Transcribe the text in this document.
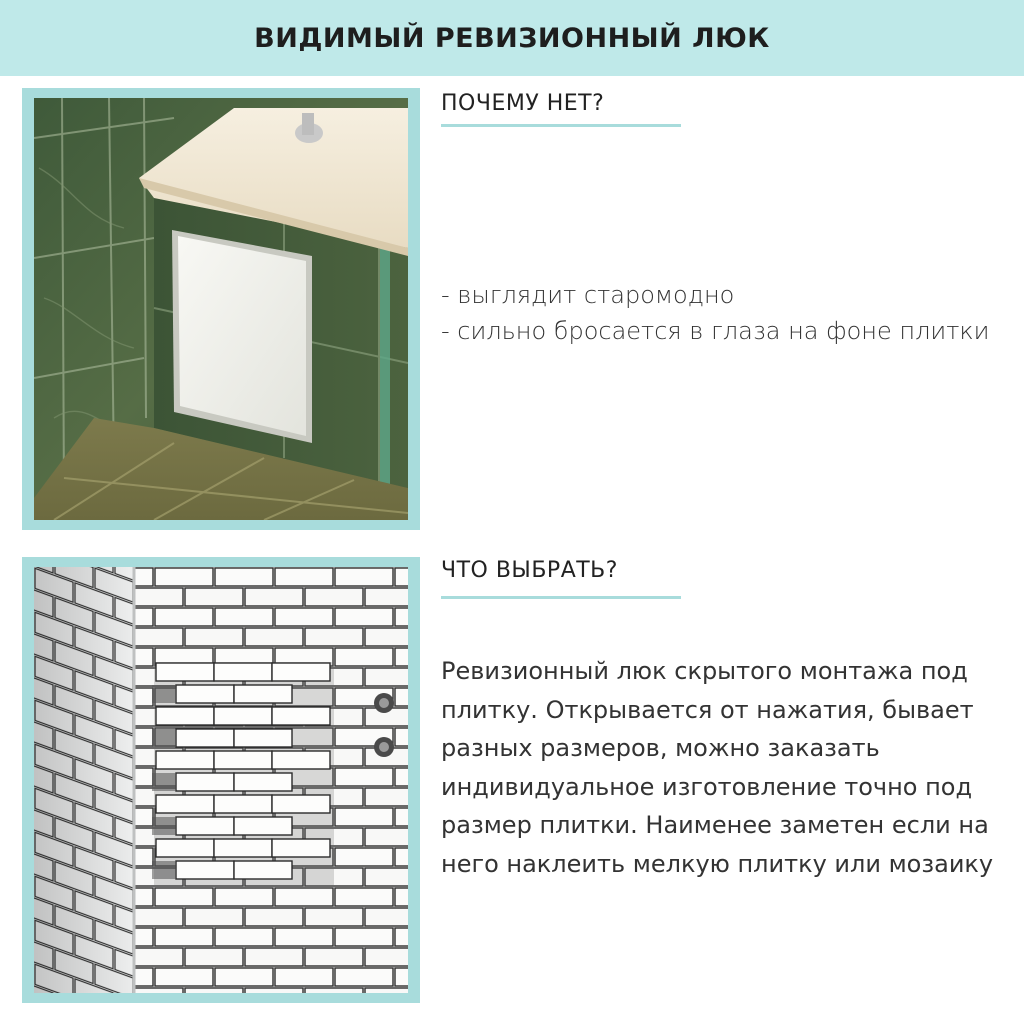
ВИДИМЫЙ РЕВИЗИОННЫЙ ЛЮК
ПОЧЕМУ НЕТ?
- выглядит старомодно
- сильно бросается в глаза на фоне плитки
ЧТО ВЫБРАТЬ?

Ревизионный люк скрытого монтажа под плитку. Открывается от нажатия, бывает разных размеров, можно заказать индивидуальное изготовление точно под размер плитки. Наименее заметен если на него наклеить мелкую плитку или мозаику
